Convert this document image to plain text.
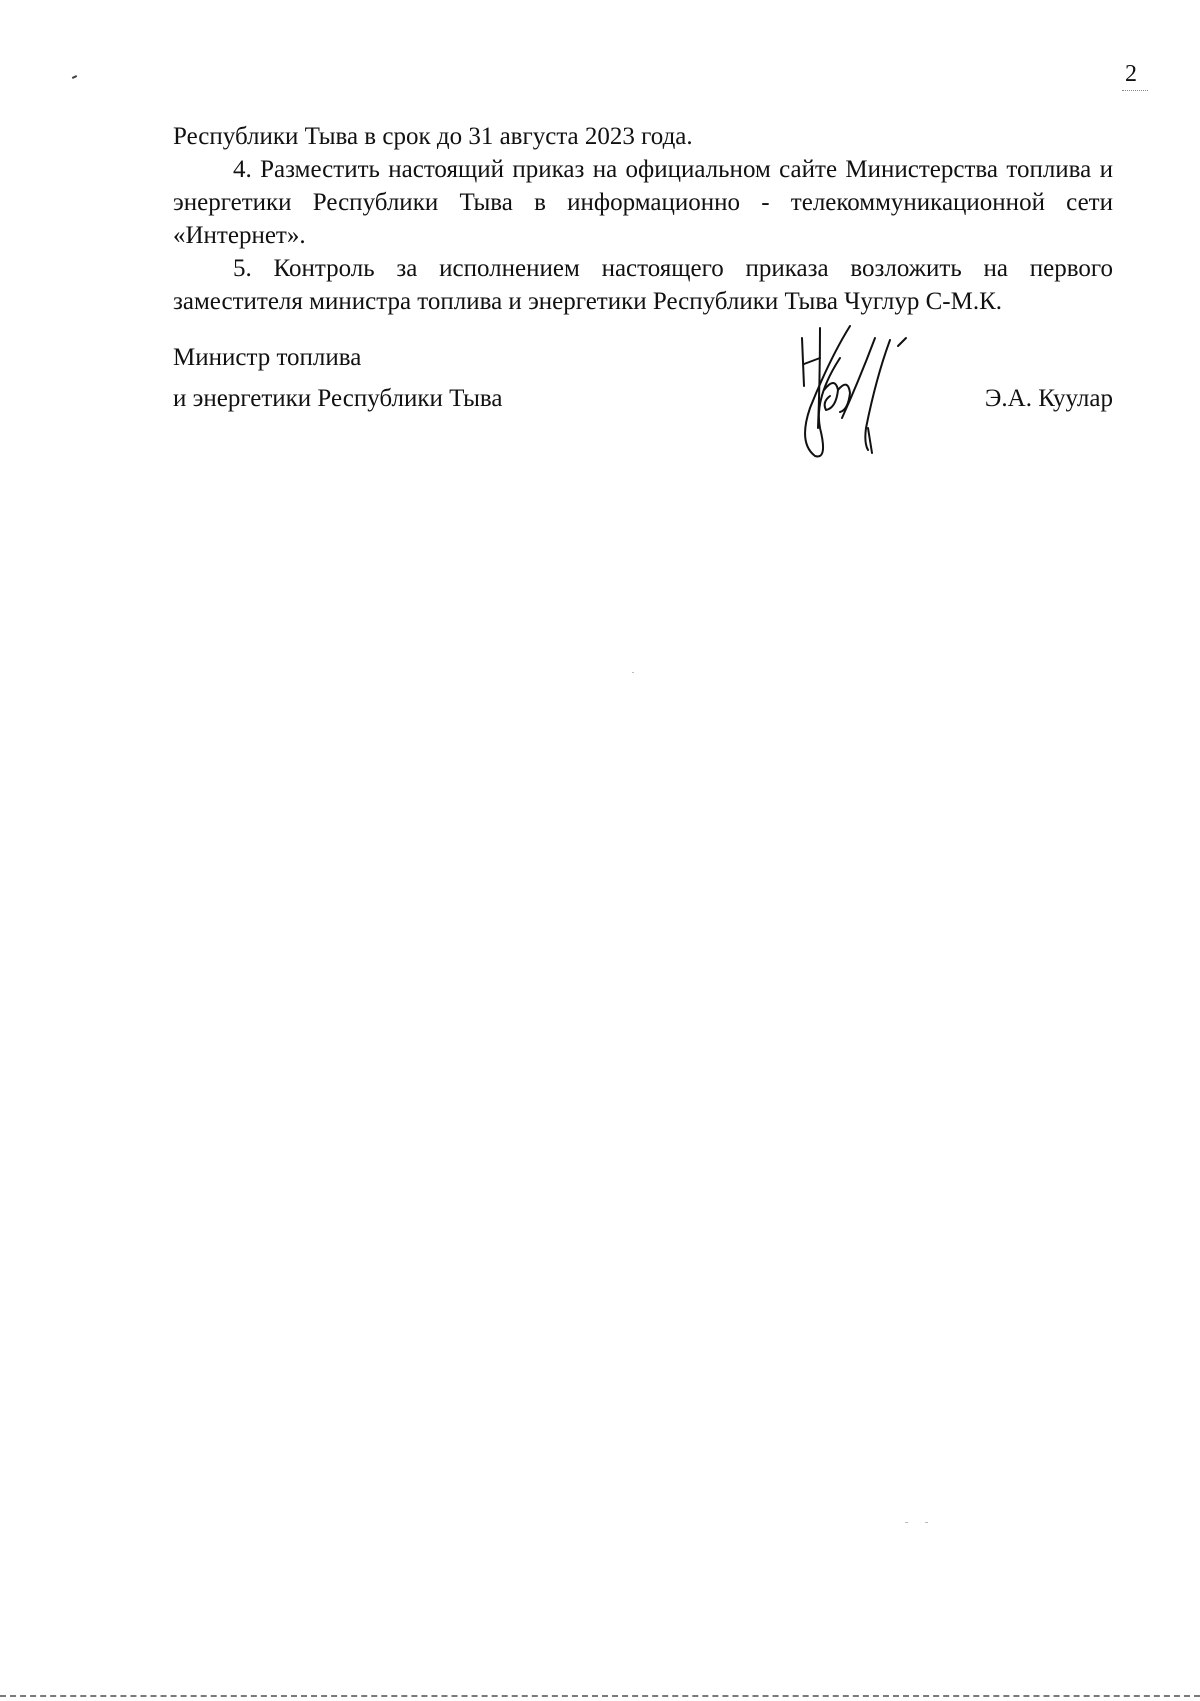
2

Республики Тыва в срок до 31 августа 2023 года.

4. Разместить настоящий приказ на официальном сайте Министерства топлива и энергетики Республики Тыва в информационно - телекоммуникационной сети «Интернет».

5. Контроль за исполнением настоящего приказа возложить на первого заместителя министра топлива и энергетики Республики Тыва Чуглур С-М.К.

Министр топлива
и энергетики Республики Тыва	Э.А. Куулар
